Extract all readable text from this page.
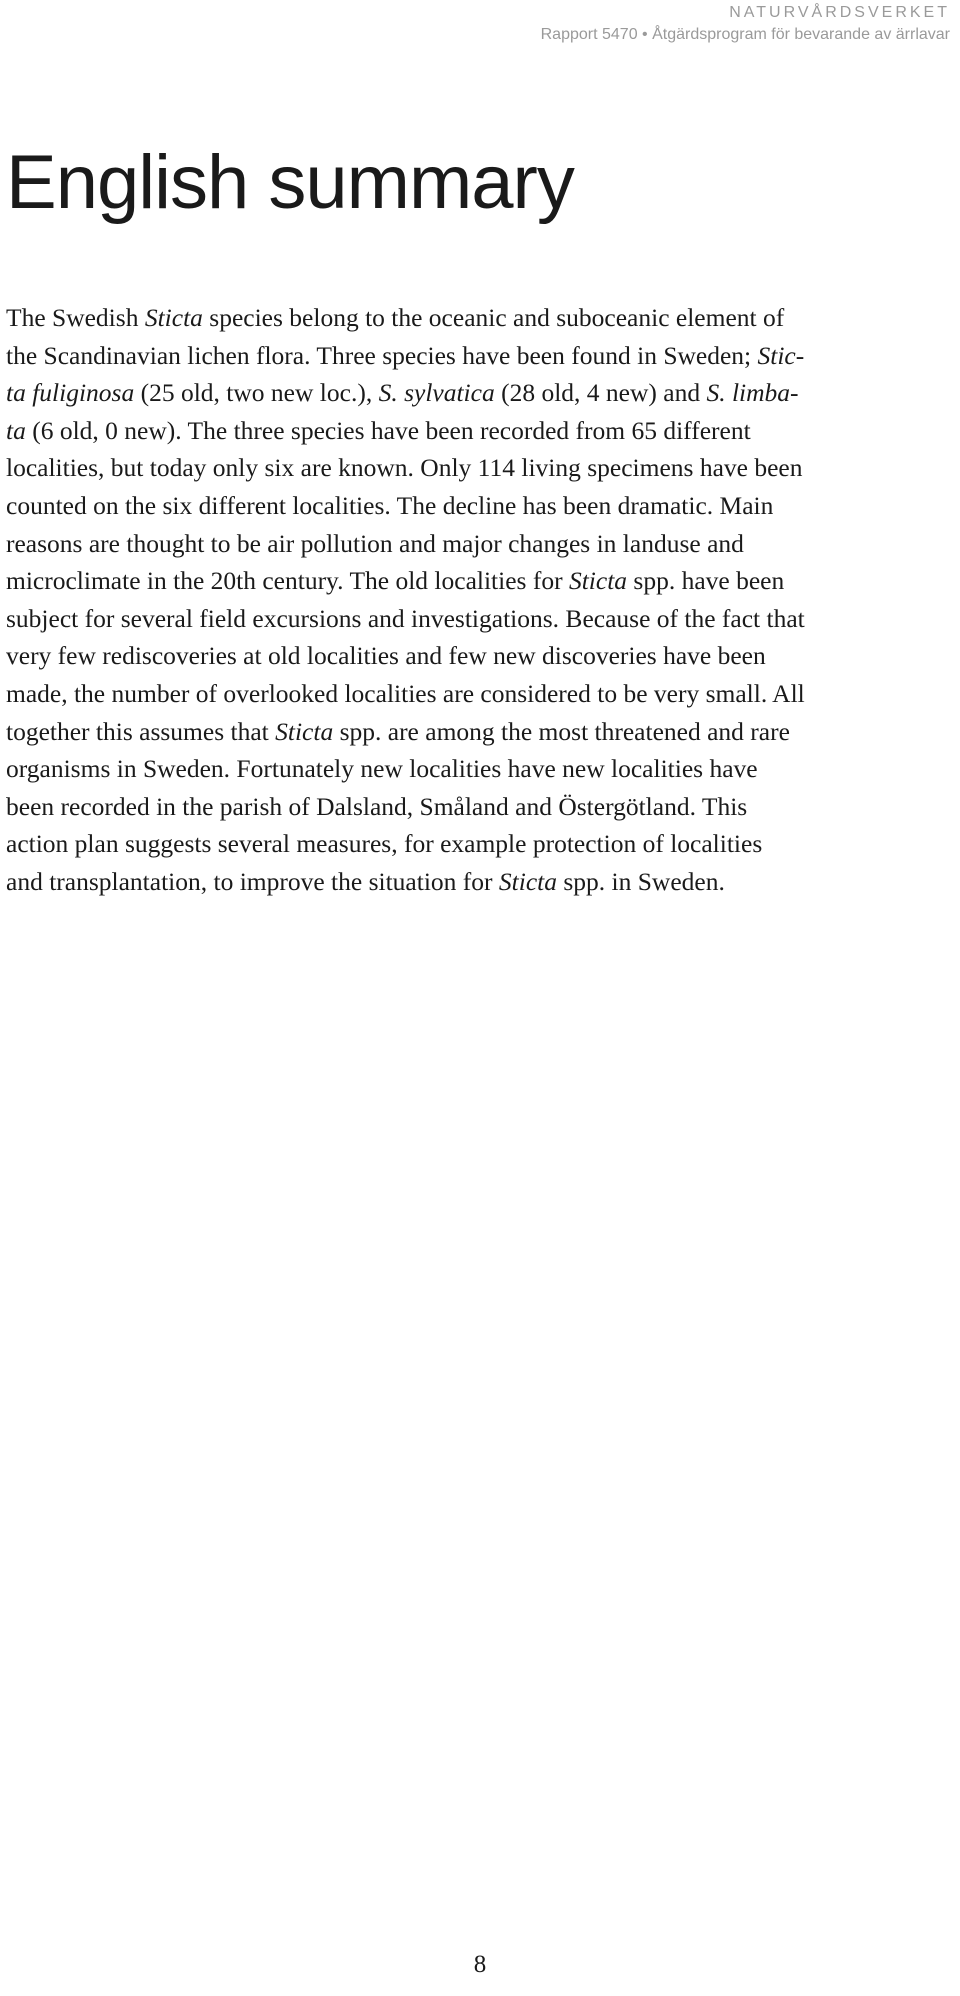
NATURVÅRDSVERKET
Rapport 5470 • Åtgärdsprogram för bevarande av ärrlavar
English summary

The Swedish Sticta species belong to the oceanic and suboceanic element of
the Scandinavian lichen flora. Three species have been found in Sweden; Stic-
ta fuliginosa (25 old, two new loc.), S. sylvatica (28 old, 4 new) and S. limba-
ta (6 old, 0 new). The three species have been recorded from 65 different
localities, but today only six are known. Only 114 living specimens have been
counted on the six different localities. The decline has been dramatic. Main
reasons are thought to be air pollution and major changes in landuse and
microclimate in the 20th century. The old localities for Sticta spp. have been
subject for several field excursions and investigations. Because of the fact that
very few rediscoveries at old localities and few new discoveries have been
made, the number of overlooked localities are considered to be very small. All
together this assumes that Sticta spp. are among the most threatened and rare
organisms in Sweden. Fortunately new localities have new localities have
been recorded in the parish of Dalsland, Småland and Östergötland. This
action plan suggests several measures, for example protection of localities
and transplantation, to improve the situation for Sticta spp. in Sweden.

8
